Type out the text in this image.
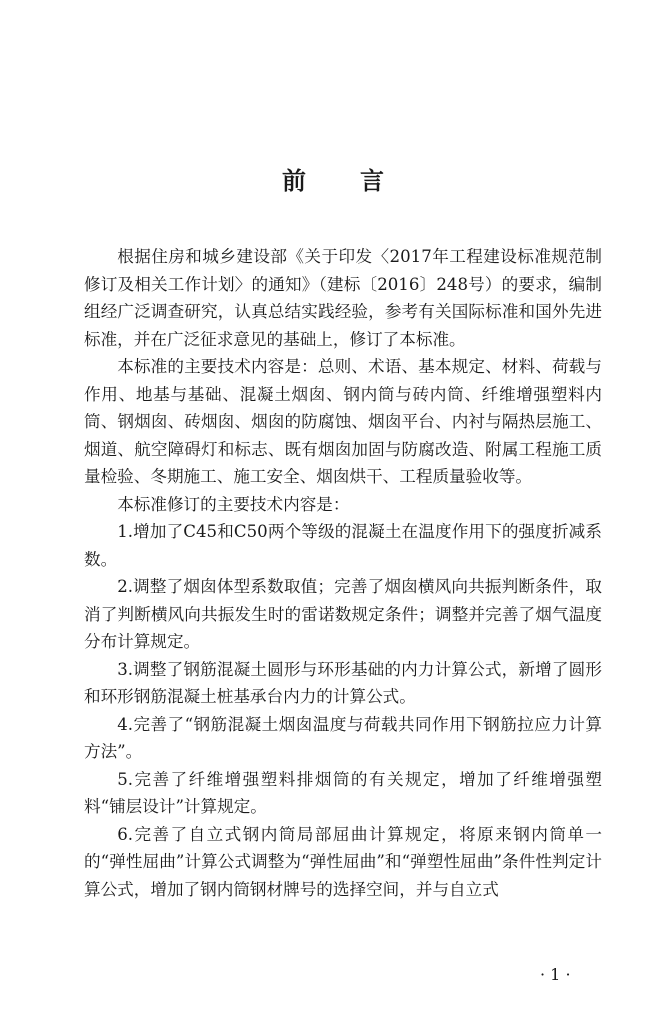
前 言

根据住房和城乡建设部《关于印发〈2017年工程建设标准规范制修订及相关工作计划〉的通知》（建标〔2016〕248号）的要求，编制组经广泛调查研究，认真总结实践经验，参考有关国际标准和国外先进标准，并在广泛征求意见的基础上，修订了本标准。

本标准的主要技术内容是：总则、术语、基本规定、材料、荷载与作用、地基与基础、混凝土烟囱、钢内筒与砖内筒、纤维增强塑料内筒、钢烟囱、砖烟囱、烟囱的防腐蚀、烟囱平台、内衬与隔热层施工、烟道、航空障碍灯和标志、既有烟囱加固与防腐改造、附属工程施工质量检验、冬期施工、施工安全、烟囱烘干、工程质量验收等。

本标准修订的主要技术内容是：

1.增加了C45和C50两个等级的混凝土在温度作用下的强度折减系数。

2.调整了烟囱体型系数取值；完善了烟囱横风向共振判断条件，取消了判断横风向共振发生时的雷诺数规定条件；调整并完善了烟气温度分布计算规定。

3.调整了钢筋混凝土圆形与环形基础的内力计算公式，新增了圆形和环形钢筋混凝土桩基承台内力的计算公式。

4.完善了“钢筋混凝土烟囱温度与荷载共同作用下钢筋拉应力计算方法”。

5.完善了纤维增强塑料排烟筒的有关规定，增加了纤维增强塑料“铺层设计”计算规定。

6.完善了自立式钢内筒局部屈曲计算规定，将原来钢内筒单一的“弹性屈曲”计算公式调整为“弹性屈曲”和“弹塑性屈曲”条件性判定计算公式，增加了钢内筒钢材牌号的选择空间，并与自立式

· 1 ·
